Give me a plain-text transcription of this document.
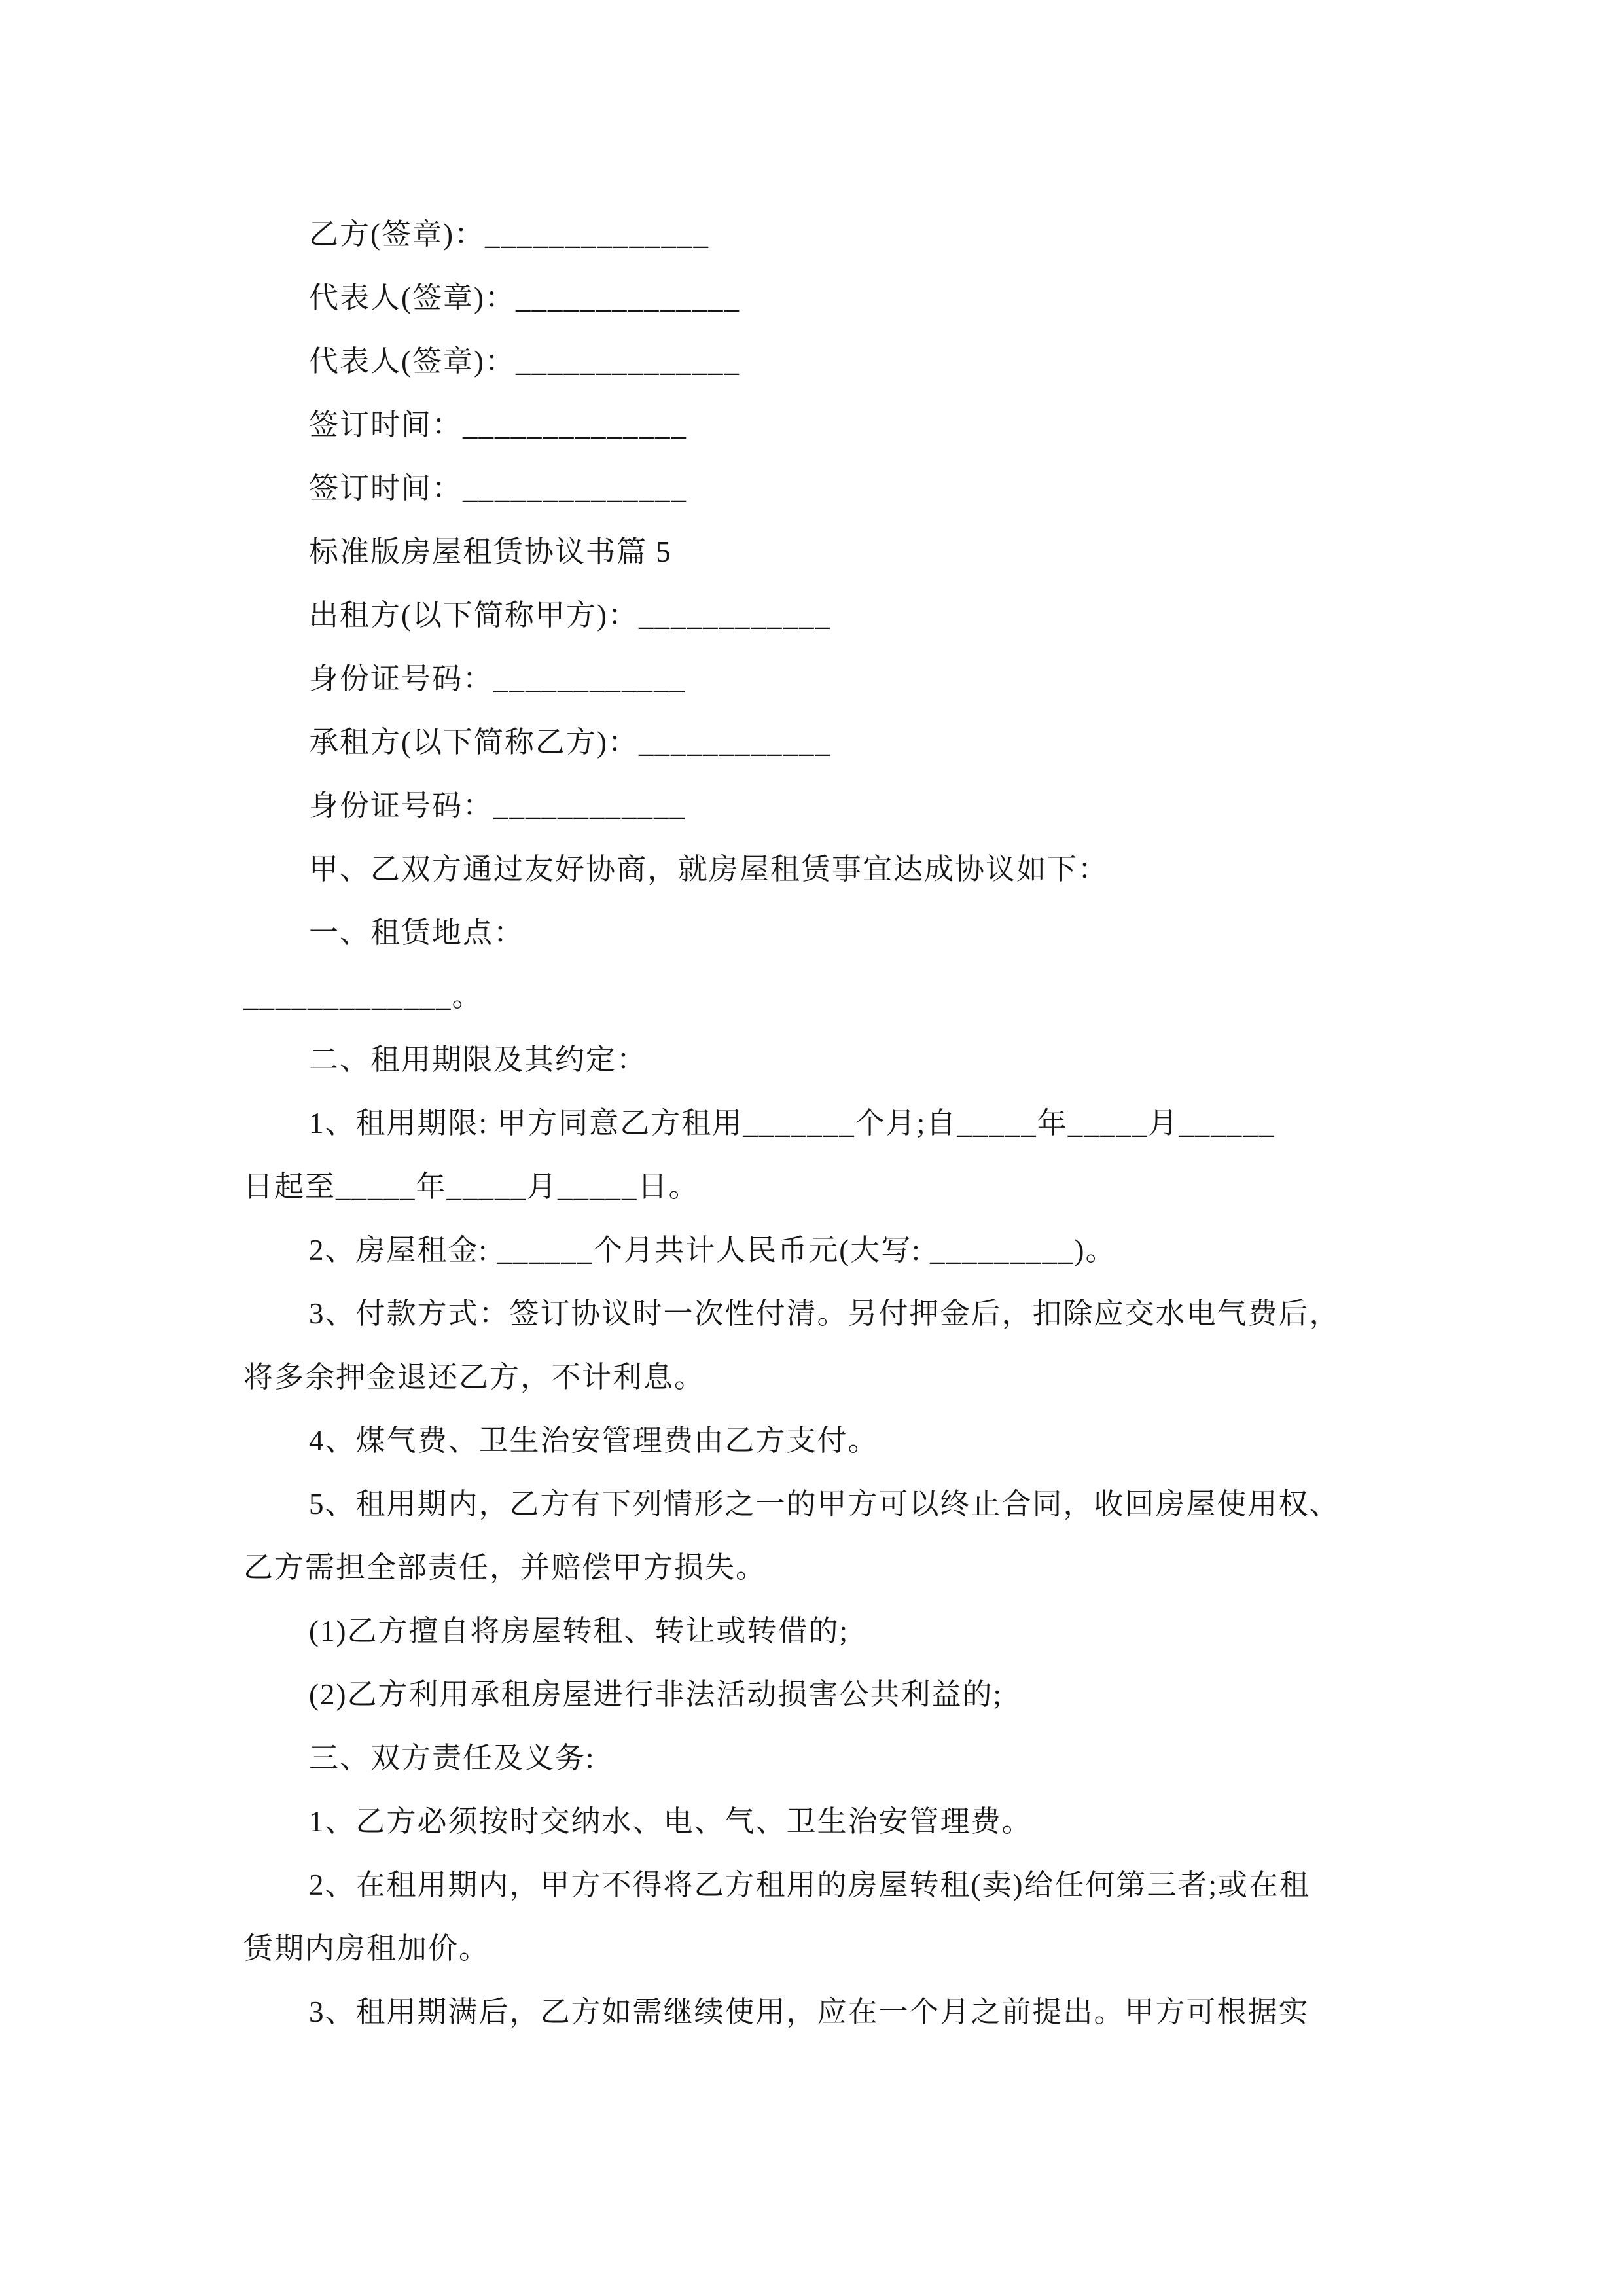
乙方(签章)：______________
代表人(签章)：______________
代表人(签章)：______________
签订时间：______________
签订时间：______________
标准版房屋租赁协议书篇 5
出租方(以下简称甲方)：____________
身份证号码：____________
承租方(以下简称乙方)：____________
身份证号码：____________
甲、乙双方通过友好协商，就房屋租赁事宜达成协议如下：
一、租赁地点：
_____________。
二、租用期限及其约定：
1、租用期限: 甲方同意乙方租用_______个月;自_____年_____月______
日起至_____年_____月_____日。
2、房屋租金: ______个月共计人民币元(大写: _________)。
3、付款方式：签订协议时一次性付清。另付押金后，扣除应交水电气费后，
将多余押金退还乙方，不计利息。
4、煤气费、卫生治安管理费由乙方支付。
5、租用期内，乙方有下列情形之一的甲方可以终止合同，收回房屋使用权、
乙方需担全部责任，并赔偿甲方损失。
(1)乙方擅自将房屋转租、转让或转借的;
(2)乙方利用承租房屋进行非法活动损害公共利益的;
三、双方责任及义务:
1、乙方必须按时交纳水、电、气、卫生治安管理费。
2、在租用期内，甲方不得将乙方租用的房屋转租(卖)给任何第三者;或在租
赁期内房租加价。
3、租用期满后，乙方如需继续使用，应在一个月之前提出。甲方可根据实
